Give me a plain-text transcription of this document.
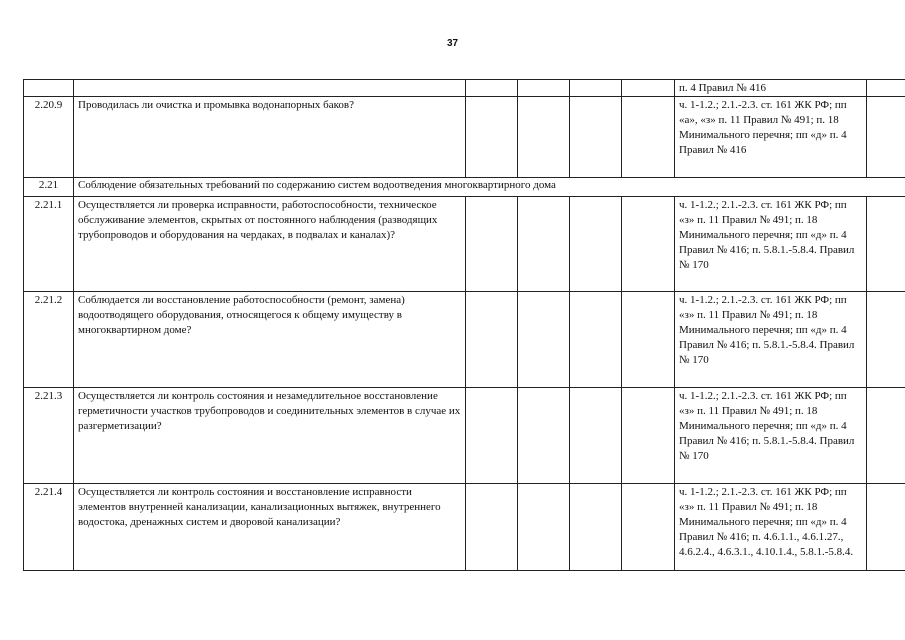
37
						п. 4 Правил № 416	
2.20.9	Проводилась ли очистка и промывка водонапорных баков?					ч. 1-1.2.; 2.1.-2.3. ст. 161 ЖК РФ; пп «а», «з» п. 11 Правил № 491; п. 18 Минимального перечня; пп «д» п. 4 Правил № 416	
2.21	Соблюдение обязательных требований по содержанию систем водоотведения многоквартирного дома						
2.21.1	Осуществляется ли проверка исправности, работоспособности, техническое обслуживание элементов, скрытых от постоянного наблюдения (разводящих трубопроводов и оборудования на чердаках, в подвалах и каналах)?					ч. 1-1.2.; 2.1.-2.3. ст. 161 ЖК РФ; пп «з» п. 11 Правил № 491; п. 18 Минимального перечня; пп «д» п. 4 Правил № 416; п. 5.8.1.-5.8.4. Правил № 170	
2.21.2	Соблюдается ли восстановление работоспособности (ремонт, замена) водоотводящего оборудования, относящегося к общему имуществу в многоквартирном доме?					ч. 1-1.2.; 2.1.-2.3. ст. 161 ЖК РФ; пп «з» п. 11 Правил № 491; п. 18 Минимального перечня; пп «д» п. 4 Правил № 416; п. 5.8.1.-5.8.4. Правил № 170	
2.21.3	Осуществляется ли контроль состояния и незамедлительное восстановление герметичности участков трубопроводов и соединительных элементов в случае их разгерметизации?					ч. 1-1.2.; 2.1.-2.3. ст. 161 ЖК РФ; пп «з» п. 11 Правил № 491; п. 18 Минимального перечня; пп «д» п. 4 Правил № 416; п. 5.8.1.-5.8.4. Правил № 170	
2.21.4	Осуществляется ли контроль состояния и восстановление исправности элементов внутренней канализации, канализационных вытяжек, внутреннего водостока, дренажных систем и дворовой канализации?					ч. 1-1.2.; 2.1.-2.3. ст. 161 ЖК РФ; пп «з» п. 11 Правил № 491; п. 18 Минимального перечня; пп «д» п. 4 Правил № 416; п. 4.6.1.1., 4.6.1.27., 4.6.2.4., 4.6.3.1., 4.10.1.4., 5.8.1.-5.8.4.	
